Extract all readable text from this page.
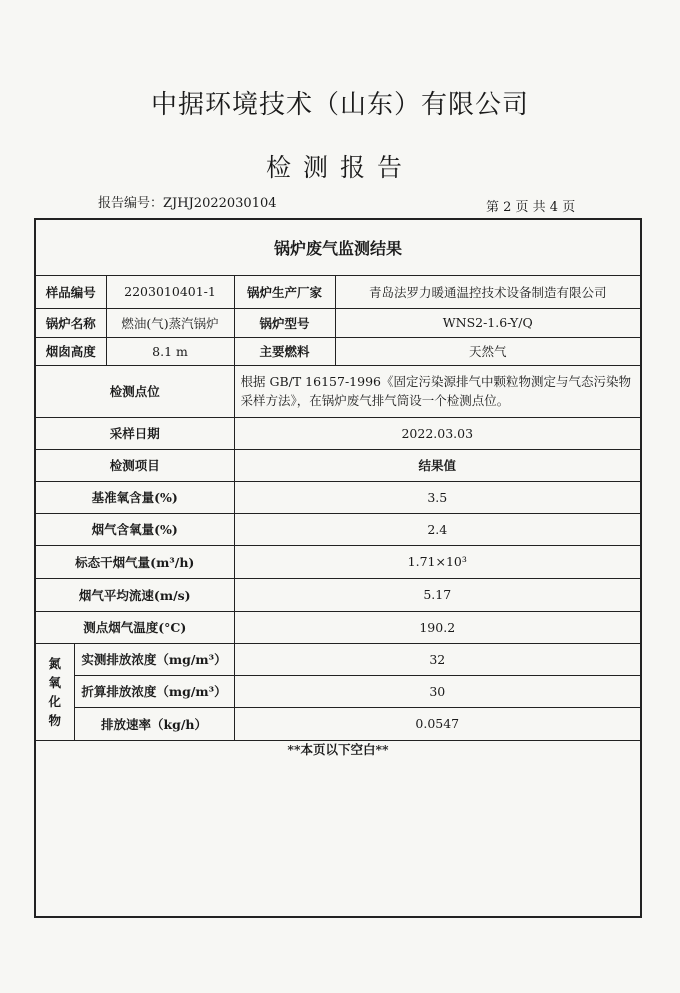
中据环境技术（山东）有限公司
检测报告
报告编号：ZJHJ2022030104	第 2 页 共 4 页
锅炉废气监测结果
样品编号		2203010401-1	锅炉生产厂家	青岛法罗力暖通温控技术设备制造有限公司
锅炉名称		燃油(气)蒸汽锅炉	锅炉型号	WNS2-1.6-Y/Q
烟囱高度		8.1 m	主要燃料	天然气
检测点位			根据 GB/T 16157-1996《固定污染源排气中颗粒物测定与气态污染物采样方法》，在锅炉废气排气筒设一个检测点位。	
采样日期			2022.03.03	
检测项目			结果值	
基准氧含量(%)			3.5	
烟气含氧量(%)			2.4	
标态干烟气量(m³/h)			1.71×10³	
烟气平均流速(m/s)			5.17	
测点烟气温度(°C)			190.2	

氮
氧
化
物	实测排放浓度（mg/m³）		32	
	折算排放浓度（mg/m³）		30	
	排放速率（kg/h）		0.0547	
**本页以下空白**
